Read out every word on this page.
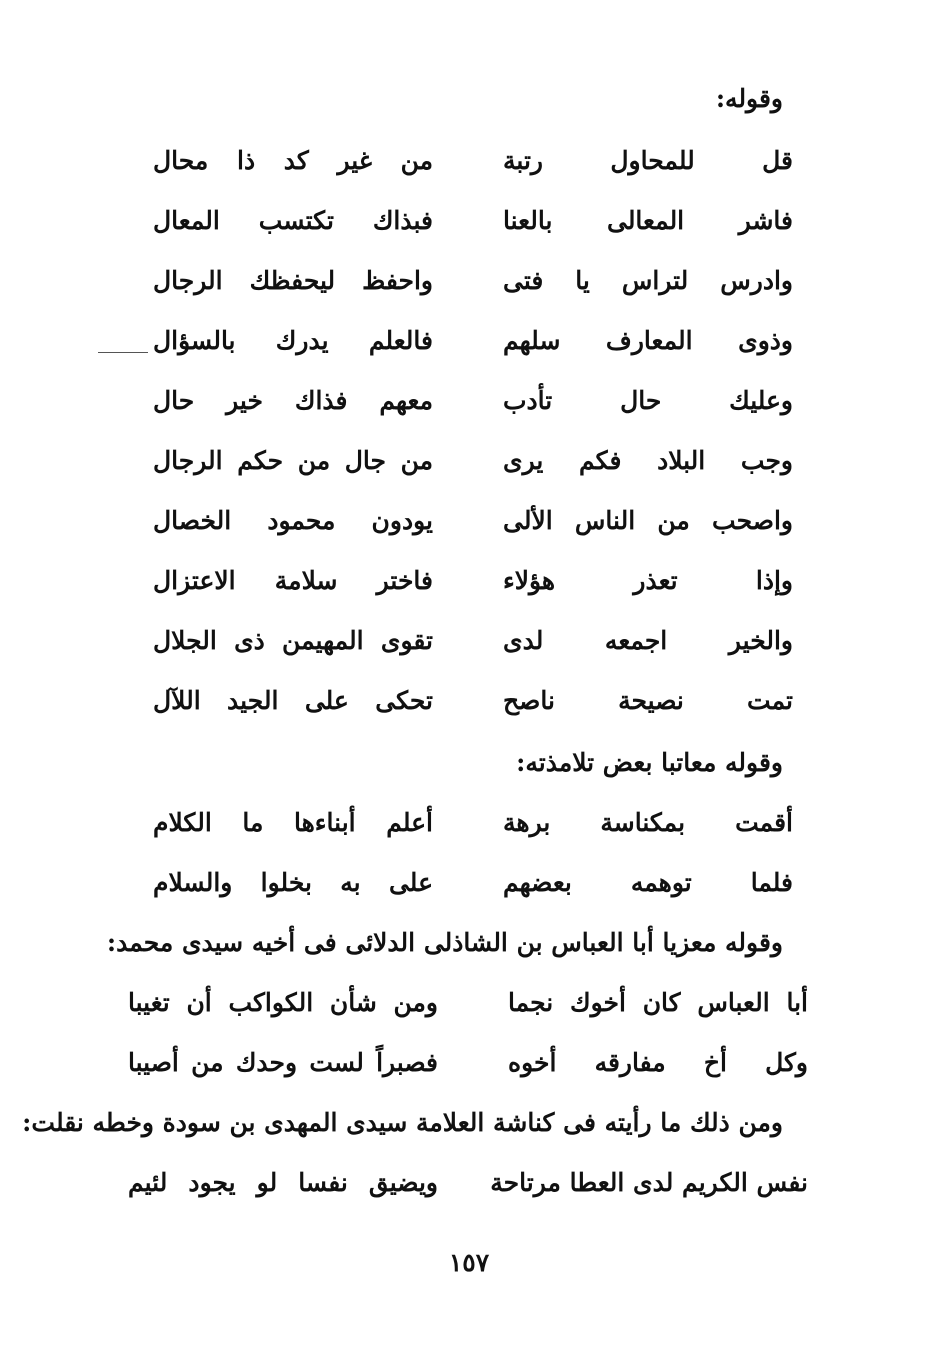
وقوله:
قل للمحاول رتبة
من غير كد ذا محال
فاشر المعالى بالعنا
فبذاك تكتسب المعال
وادرس لتراس يا فتى
واحفظ ليحفظك الرجال
وذوى المعارف سلهم
فالعلم يدرك بالسؤال
وعليك حال تأدب
معهم فذاك خير حال
وجب البلاد فكم يرى
من جال من حكم الرجال
واصحب من الناس الألى
يودون محمود الخصال
وإذا تعذر هؤلاء
فاختر سلامة الاعتزال
والخير اجمعه لدى
تقوى المهيمن ذى الجلال
تمت نصيحة ناصح
تحكى على الجيد اللآل
وقوله معاتبا بعض تلامذته:
أقمت بمكناسة برهة
أعلم أبناءها ما الكلام
فلما توهمه بعضهم
على به بخلوا والسلام
وقوله معزيا أبا العباس بن الشاذلى الدلائى فى أخيه سيدى محمد:
أبا العباس كان أخوك نجما
ومن شأن الكواكب أن تغيبا
وكل أخ مفارقه أخوه
فصبراً لست وحدك من أصيبا
ومن ذلك ما رأيته فى كناشة العلامة سيدى المهدى بن سودة وخطه نقلت:
نفس الكريم لدى العطا مرتاحة
ويضيق نفسا لو يجود لئيم
١٥٧
